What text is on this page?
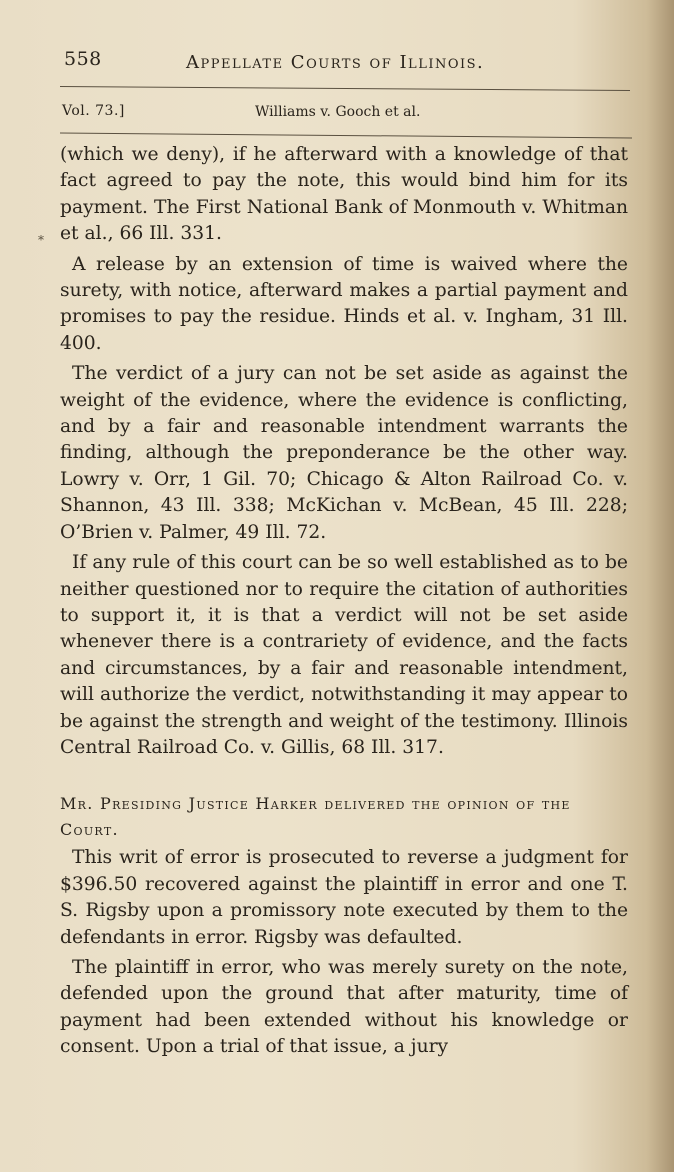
558	Appellate Courts of Illinois.
Vol. 73.]	Williams v. Gooch et al.
*

(which we deny), if he afterward with a knowledge of that fact agreed to pay the note, this would bind him for its payment. The First National Bank of Monmouth v. Whitman et al., 66 Ill. 331.

A release by an extension of time is waived where the surety, with notice, afterward makes a partial payment and promises to pay the residue. Hinds et al. v. Ingham, 31 Ill. 400.

The verdict of a jury can not be set aside as against the weight of the evidence, where the evidence is conflicting, and by a fair and reasonable intendment warrants the finding, although the preponderance be the other way. Lowry v. Orr, 1 Gil. 70; Chicago & Alton Railroad Co. v. Shannon, 43 Ill. 338; McKichan v. McBean, 45 Ill. 228; O’Brien v. Palmer, 49 Ill. 72.

If any rule of this court can be so well established as to be neither questioned nor to require the citation of authorities to support it, it is that a verdict will not be set aside whenever there is a contrariety of evidence, and the facts and circumstances, by a fair and reasonable intendment, will authorize the verdict, notwithstanding it may appear to be against the strength and weight of the testimony. Illinois Central Railroad Co. v. Gillis, 68 Ill. 317.

Mr. Presiding Justice Harker delivered the opinion of the Court.

This writ of error is prosecuted to reverse a judgment for $396.50 recovered against the plaintiff in error and one T. S. Rigsby upon a promissory note executed by them to the defendants in error. Rigsby was defaulted.

The plaintiff in error, who was merely surety on the note, defended upon the ground that after maturity, time of payment had been extended without his knowledge or consent. Upon a trial of that issue, a jury
